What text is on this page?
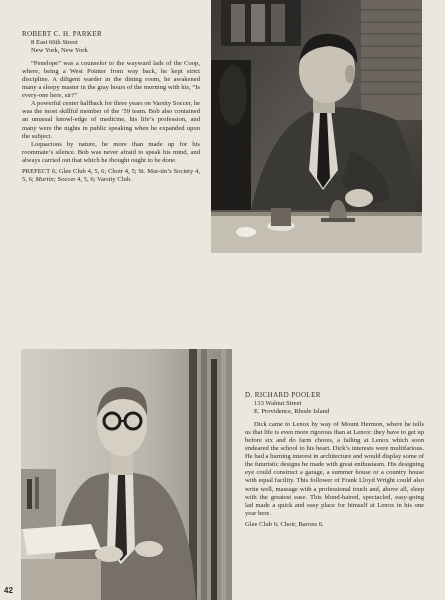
ROBERT C. H. PARKER
8 East 66th Street
New York, New York

“Penelope” was a counselor to the wayward lads of the Coop, where, being a West Pointer from way back, he kept strict discipline. A diligent warder in the dining room, he awakened many a sleepy master in the gray hours of the morning with his, “Is every-one here, sir?”

A powerful center halfback for three years on Varsity Soccer, he was the most skillful member of the ’59 team. Bob also contained an unusual knowl-edge of medicine, his life’s profession, and many were the nights in public speaking when he expanded upon the subject.

Loquacious by nature, he more than made up for his roommate’s silence. Bob was never afraid to speak his mind, and always carried out that which he thought ought to be done.

PREFECT 6; Glee Club 4, 5, 6; Choir 4, 5; St. Mar-tin’s Society 4, 5, 6; Martin; Soccer 4, 5, 6; Varsity Club.

D. RICHARD POOLER
133 Walnut Street
E. Providence, Rhode Island

Dick came to Lenox by way of Mount Hermon, where he tells us that life is even more rigorous than at Lenox: they have to get up before six and do farm chores, a failing at Lenox which soon endeared the school to his heart. Dick’s interests were multifarious. He had a burning interest in architecture and would display some of the futuristic designs he made with great enthusiasm. His designing eye could construct a garage, a summer house or a country house with equal facility. This follower of Frank Lloyd Wright could also write well, massage with a professional touch and, above all, sleep with the greatest ease. This blond-haired, spectacled, easy-going lad made a quick and easy place for himself at Lenox in his one year here.

Glee Club 6; Choir, Barons 6.

42
